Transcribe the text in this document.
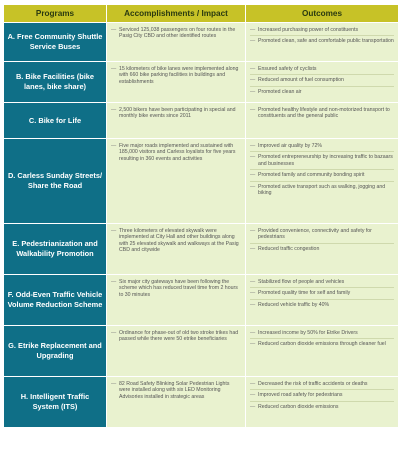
Programs	Accomplishments / Impact	Outcomes
A. Free Community Shuttle Service Buses	— Serviced 125,038 passengers on four routes in the Pasig City CBD and other identified routes	— Increased purchasing power of constituents
— Promoted clean, safe and comfortable public transportation

B. Bike Facilities (bike lanes, bike share)	— 15 kilometers of bike lanes were implemented along with 660 bike parking facilities in buildings and establishments	— Ensured safety of cyclists
— Reduced amount of fuel consumption
— Promoted clean air

C. Bike for Life	— 2,500 bikers have been participating in special and monthly bike events since 2011	— Promoted healthy lifestyle and non-motorized transport to constituents and the general public

D. Carless Sunday Streets/ Share the Road	— Five major roads implemented and sustained with 185,000 visitors and Carless loyalists for five years resulting in 360 events and activities	— Improved air quality by 72%
— Promoted entrepreneurship by increasing traffic to bazaars and businesses
— Promoted family and community bonding spirit
— Promoted active transport such as walking, jogging and biking

E. Pedestrianization and Walkability Promotion	— Three kilometers of elevated skywalk were implemented at City Hall and other buildings along with 25 elevated skywalk and walkways at the Pasig CBD and citywide	— Provided convenience, connectivity and safety for pedestrians
— Reduced traffic congestion

F. Odd-Even Traffic Vehicle Volume Reduction Scheme	— Six major city gateways have been following the scheme which has reduced travel time from 2 hours to 30 minutes	— Stabilized flow of people and vehicles
— Promoted quality time for self and family
— Reduced vehicle traffic by 40%

G. Etrike Replacement and Upgrading	— Ordinance for phase-out of old two stroke trikes had passed while there were 50 etrike beneficiaries	— Increased income by 50% for Etrike Drivers
— Reduced carbon dioxide emissions through cleaner fuel

H. Intelligent Traffic System (ITS)	— 82 Road Safety Blinking Solar Pedestrian Lights were installed along with six LED Monitoring Advisories installed in strategic areas	— Decreased the risk of traffic accidents or deaths
— Improved road safety for pedestrians
— Reduced carbon dioxide emissions
